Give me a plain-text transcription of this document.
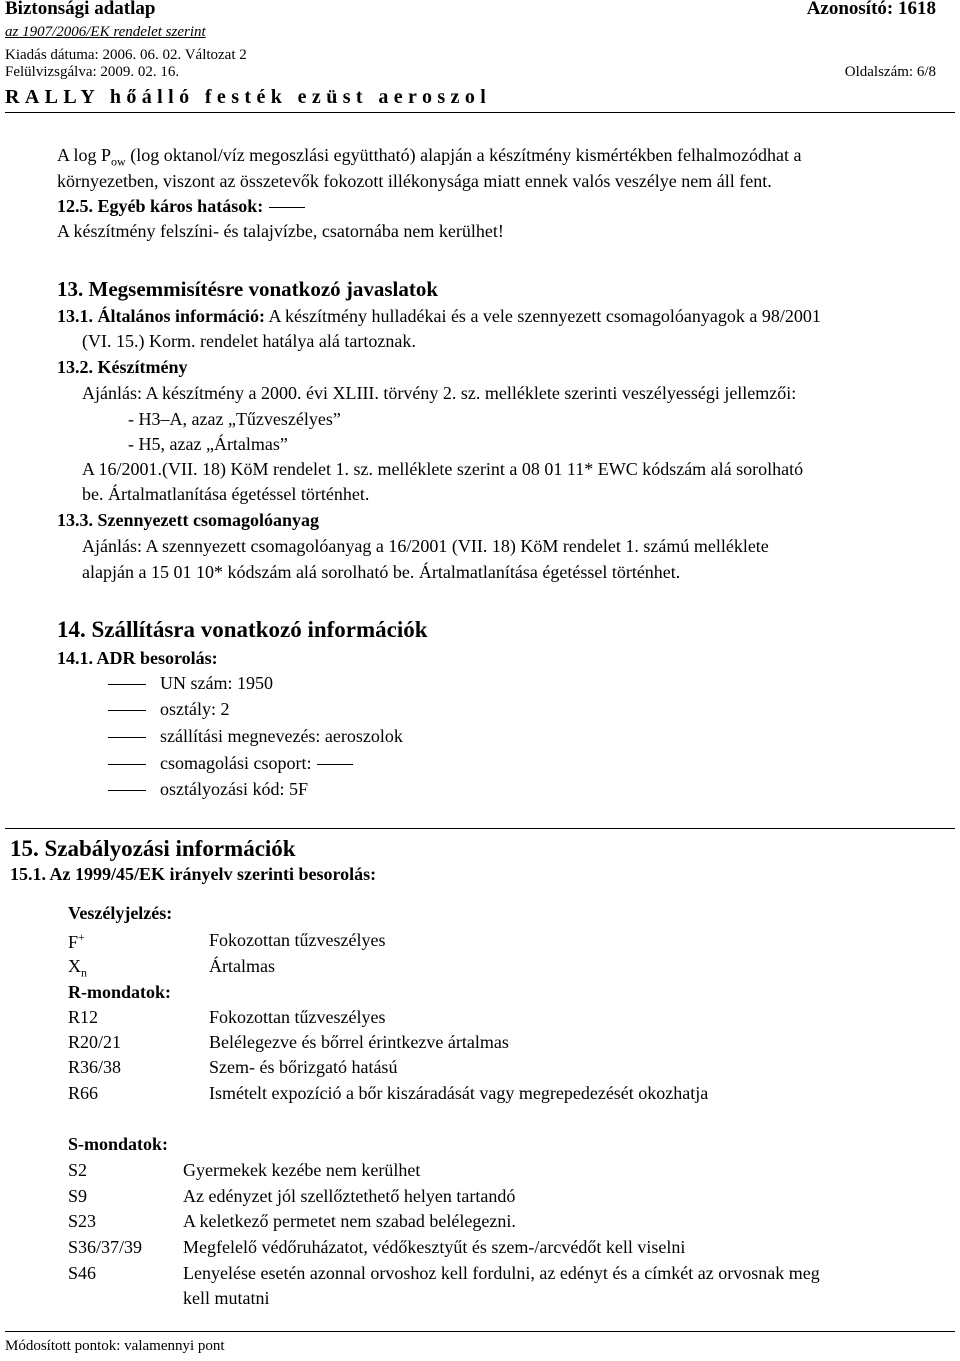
Biztonsági adatlap	Azonosító: 1618
az 1907/2006/EK rendelet szerint
Kiadás dátuma: 2006. 06. 02. Változat 2
Felülvizsgálva: 2009. 02. 16.	Oldalszám: 6/8
RALLY hőálló festék ezüst aeroszol
A $\log P_{ow}$ (log oktanol/víz megoszlási együttható) alapján a készítmény kismértékben felhalmozódhat a
környezetben, viszont az összetevők fokozott illékonysága miatt ennek valós veszélye nem áll fent.
12.5. Egyéb káros hatások:
A készítmény felszíni- és talajvízbe, csatornába nem kerülhet!
13. Megsemmisítésre vonatkozó javaslatok
13.1. Általános információ: A készítmény hulladékai és a vele szennyezett csomagolóanyagok a 98/2001
(VI. 15.) Korm. rendelet hatálya alá tartoznak.
13.2. Készítmény
Ajánlás: A készítmény a 2000. évi XLIII. törvény 2. sz. melléklete szerinti veszélyességi jellemzői:
- H3–A, azaz „Tűzveszélyes”
- H5, azaz „Ártalmas”
A 16/2001.(VII. 18) KöM rendelet 1. sz. melléklete szerint a 08 01 11* EWC kódszám alá sorolható
be. Ártalmatlanítása égetéssel történhet.
13.3. Szennyezett csomagolóanyag
Ajánlás: A szennyezett csomagolóanyag a 16/2001 (VII. 18) KöM rendelet 1. számú melléklete
alapján a 15 01 10* kódszám alá sorolható be. Ártalmatlanítása égetéssel történhet.
14. Szállításra vonatkozó információk
14.1. ADR besorolás:
UN szám: 1950
osztály: 2
szállítási megnevezés: aeroszolok
csomagolási csoport:
osztályozási kód: 5F
15. Szabályozási információk
15.1. Az 1999/45/EK irányelv szerinti besorolás:
Veszélyjelzés:
F+	Fokozottan tűzveszélyes
$X_n$	Ártalmas
R-mondatok:
R12	Fokozottan tűzveszélyes
R20/21	Belélegezve és bőrrel érintkezve ártalmas
R36/38	Szem- és bőrizgató hatású
R66	Ismételt expozíció a bőr kiszáradását vagy megrepedezését okozhatja
S-mondatok:
S2	Gyermekek kezébe nem kerülhet
S9	Az edényzet jól szellőztethető helyen tartandó
S23	A keletkező permetet nem szabad belélegezni.
S36/37/39 Megfelelő védőruházatot, védőkesztyűt és szem-/arcvédőt kell viselni
S46	Lenyelése esetén azonnal orvoshoz kell fordulni, az edényt és a címkét az orvosnak meg
kell mutatni
Módosított pontok: valamennyi pont
